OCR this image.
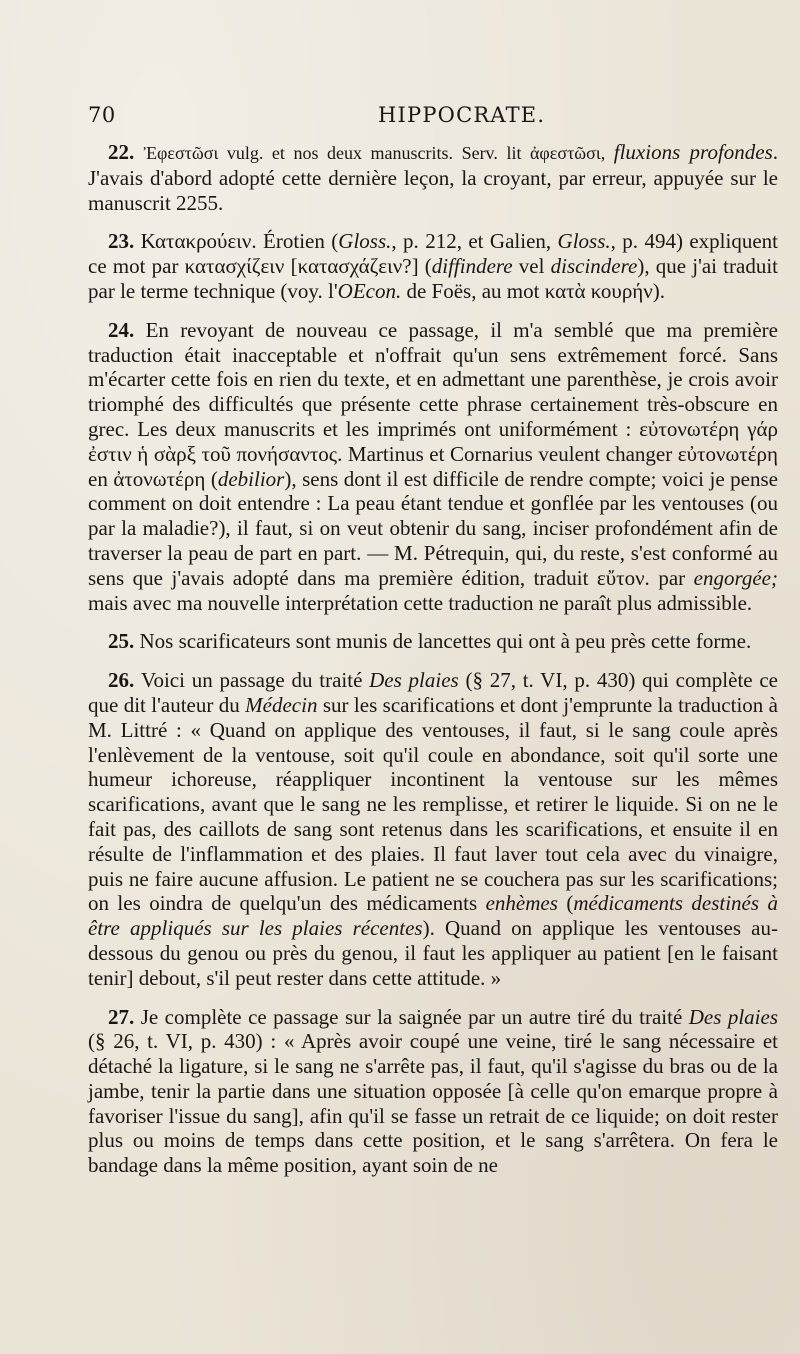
70	HIPPOCRATE.

22. Ἐφεστῶσι vulg. et nos deux manuscrits. Serv. lit ἀφεστῶσι, fluxions profondes. J'avais d'abord adopté cette dernière leçon, la croyant, par erreur, appuyée sur le manuscrit 2255.

23. Κατακρούειν. Érotien (Gloss., p. 212, et Galien, Gloss., p. 494) expliquent ce mot par κατασχίζειν [κατασχάζειν?] (diffindere vel discindere), que j'ai traduit par le terme technique (voy. l'OEcon. de Foës, au mot κατὰ κουρήν).

24. En revoyant de nouveau ce passage, il m'a semblé que ma première traduction était inacceptable et n'offrait qu'un sens extrêmement forcé. Sans m'écarter cette fois en rien du texte, et en admettant une parenthèse, je crois avoir triomphé des difficultés que présente cette phrase certainement très-obscure en grec. Les deux manuscrits et les imprimés ont uniformément : εὐτονωτέρη γάρ ἐστιν ἡ σὰρξ τοῦ πονήσαντος. Martinus et Cornarius veulent changer εὐτονωτέρη en ἀτονωτέρη (debilior), sens dont il est difficile de rendre compte; voici je pense comment on doit entendre : La peau étant tendue et gonflée par les ventouses (ou par la maladie?), il faut, si on veut obtenir du sang, inciser profondément afin de traverser la peau de part en part. — M. Pétrequin, qui, du reste, s'est conformé au sens que j'avais adopté dans ma première édition, traduit εὔτον. par engorgée; mais avec ma nouvelle interprétation cette traduction ne paraît plus admissible.

25. Nos scarificateurs sont munis de lancettes qui ont à peu près cette forme.

26. Voici un passage du traité Des plaies (§ 27, t. VI, p. 430) qui complète ce que dit l'auteur du Médecin sur les scarifications et dont j'emprunte la traduction à M. Littré : « Quand on applique des ventouses, il faut, si le sang coule après l'enlèvement de la ventouse, soit qu'il coule en abondance, soit qu'il sorte une humeur ichoreuse, réappliquer incontinent la ventouse sur les mêmes scarifications, avant que le sang ne les remplisse, et retirer le liquide. Si on ne le fait pas, des caillots de sang sont retenus dans les scarifications, et ensuite il en résulte de l'inflammation et des plaies. Il faut laver tout cela avec du vinaigre, puis ne faire aucune affusion. Le patient ne se couchera pas sur les scarifications; on les oindra de quelqu'un des médicaments enhèmes (médicaments destinés à être appliqués sur les plaies récentes). Quand on applique les ventouses au-dessous du genou ou près du genou, il faut les appliquer au patient [en le faisant tenir] debout, s'il peut rester dans cette attitude. »

27. Je complète ce passage sur la saignée par un autre tiré du traité Des plaies (§ 26, t. VI, p. 430) : « Après avoir coupé une veine, tiré le sang nécessaire et détaché la ligature, si le sang ne s'arrête pas, il faut, qu'il s'agisse du bras ou de la jambe, tenir la partie dans une situation opposée [à celle qu'on emarque propre à favoriser l'issue du sang], afin qu'il se fasse un retrait de ce liquide; on doit rester plus ou moins de temps dans cette position, et le sang s'arrêtera. On fera le bandage dans la même position, ayant soin de ne
